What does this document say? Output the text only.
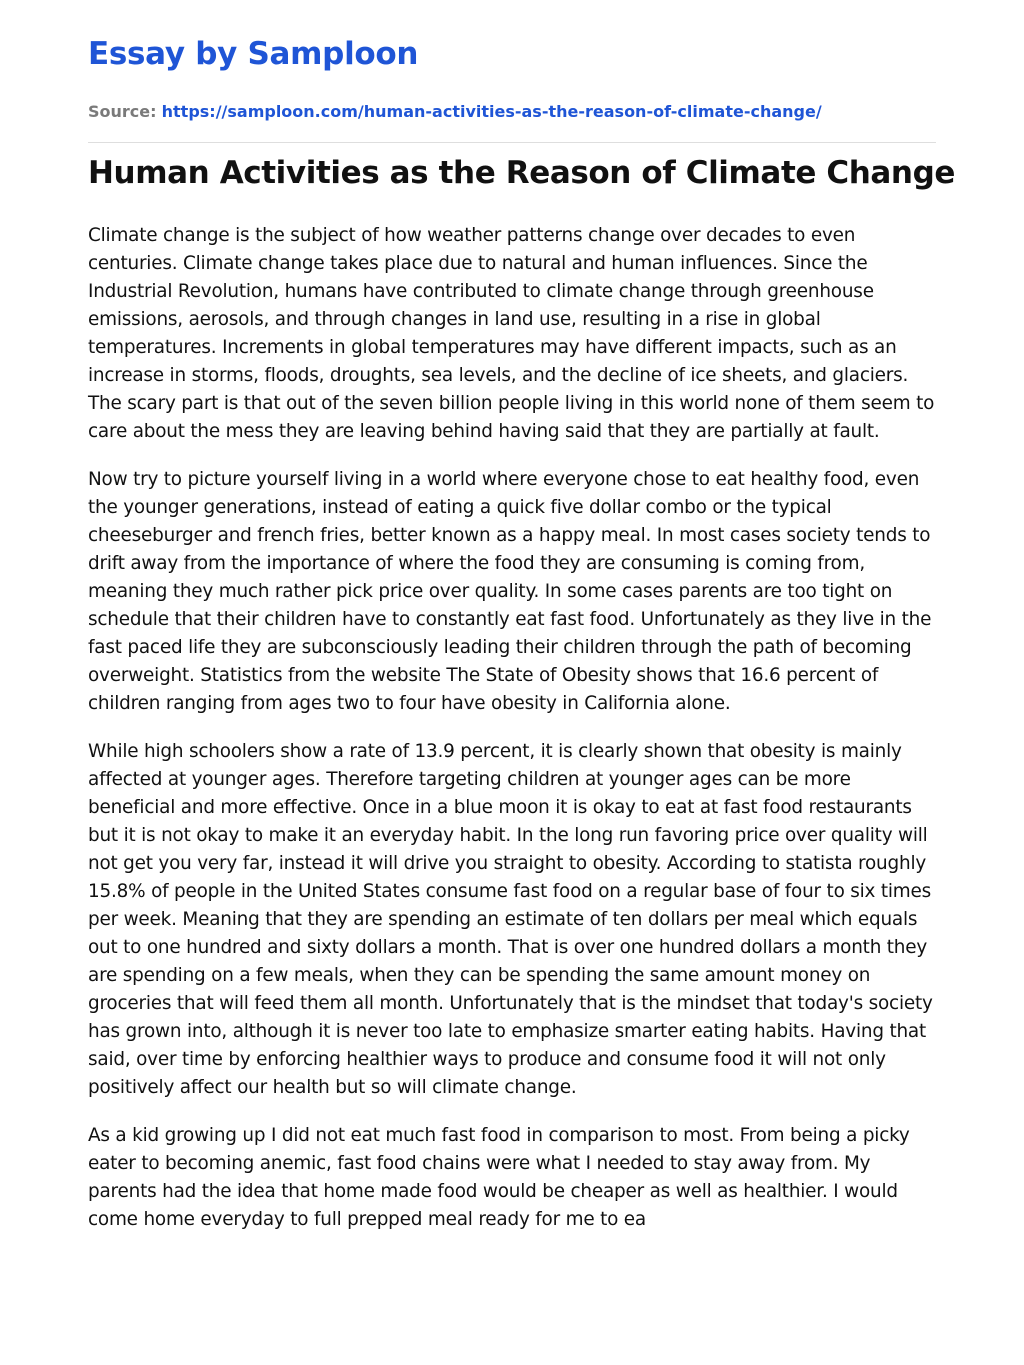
Essay by Samploon
Source: https://samploon.com/human-activities-as-the-reason-of-climate-change/
Human Activities as the Reason of Climate Change

Climate change is the subject of how weather patterns change over decades to even centuries. Climate change takes place due to natural and human influences. Since the Industrial Revolution, humans have contributed to climate change through greenhouse emissions, aerosols, and through changes in land use, resulting in a rise in global temperatures. Increments in global temperatures may have different impacts, such as an increase in storms, floods, droughts, sea levels, and the decline of ice sheets, and glaciers. The scary part is that out of the seven billion people living in this world none of them seem to care about the mess they are leaving behind having said that they are partially at fault.

Now try to picture yourself living in a world where everyone chose to eat healthy food, even the younger generations, instead of eating a quick five dollar combo or the typical cheeseburger and french fries, better known as a happy meal. In most cases society tends to drift away from the importance of where the food they are consuming is coming from, meaning they much rather pick price over quality. In some cases parents are too tight on schedule that their children have to constantly eat fast food. Unfortunately as they live in the fast paced life they are subconsciously leading their children through the path of becoming overweight. Statistics from the website The State of Obesity shows that 16.6 percent of children ranging from ages two to four have obesity in California alone.

While high schoolers show a rate of 13.9 percent, it is clearly shown that obesity is mainly affected at younger ages. Therefore targeting children at younger ages can be more beneficial and more effective. Once in a blue moon it is okay to eat at fast food restaurants but it is not okay to make it an everyday habit. In the long run favoring price over quality will not get you very far, instead it will drive you straight to obesity. According to statista roughly 15.8% of people in the United States consume fast food on a regular base of four to six times per week. Meaning that they are spending an estimate of ten dollars per meal which equals out to one hundred and sixty dollars a month. That is over one hundred dollars a month they are spending on a few meals, when they can be spending the same amount money on groceries that will feed them all month. Unfortunately that is the mindset that today's society has grown into, although it is never too late to emphasize smarter eating habits. Having that said, over time by enforcing healthier ways to produce and consume food it will not only positively affect our health but so will climate change.

As a kid growing up I did not eat much fast food in comparison to most. From being a picky eater to becoming anemic, fast food chains were what I needed to stay away from. My parents had the idea that home made food would be cheaper as well as healthier. I would come home everyday to full prepped meal ready for me to ea
